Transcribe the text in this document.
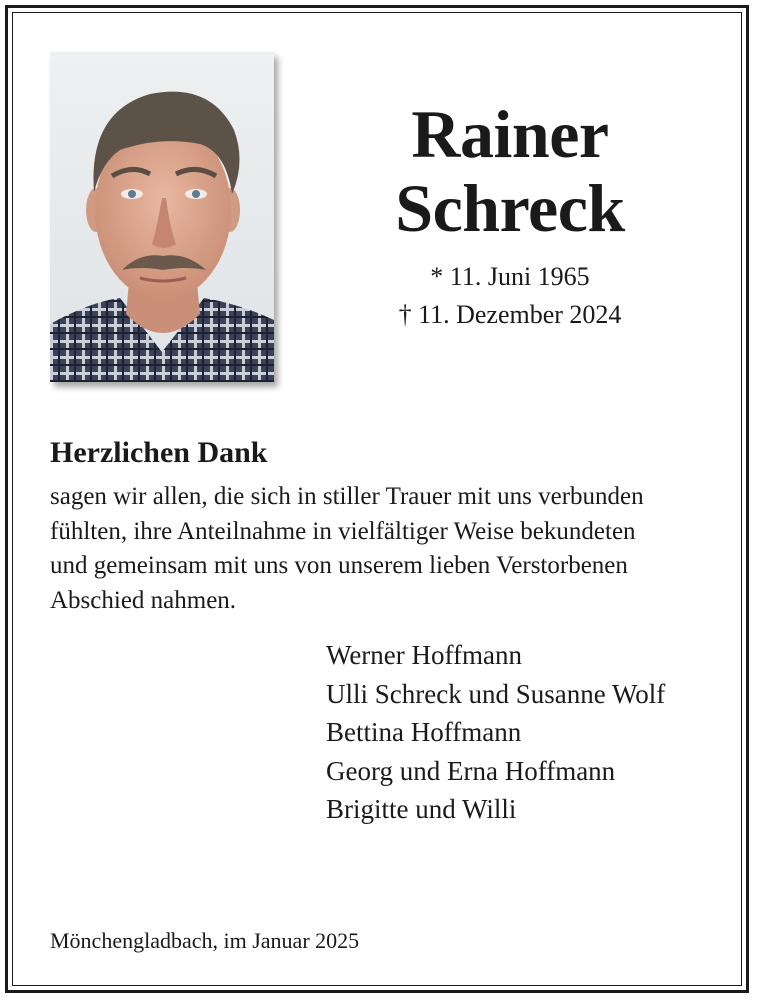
Rainer
Schreck
* 11. Juni 1965
† 11. Dezember 2024
Herzlichen Dank
sagen wir allen, die sich in stiller Trauer mit uns verbunden
fühlten, ihre Anteilnahme in vielfältiger Weise bekundeten
und gemeinsam mit uns von unserem lieben Verstorbenen
Abschied nahmen.
Werner Hoffmann
Ulli Schreck und Susanne Wolf
Bettina Hoffmann
Georg und Erna Hoffmann
Brigitte und Willi
Mönchengladbach, im Januar 2025
